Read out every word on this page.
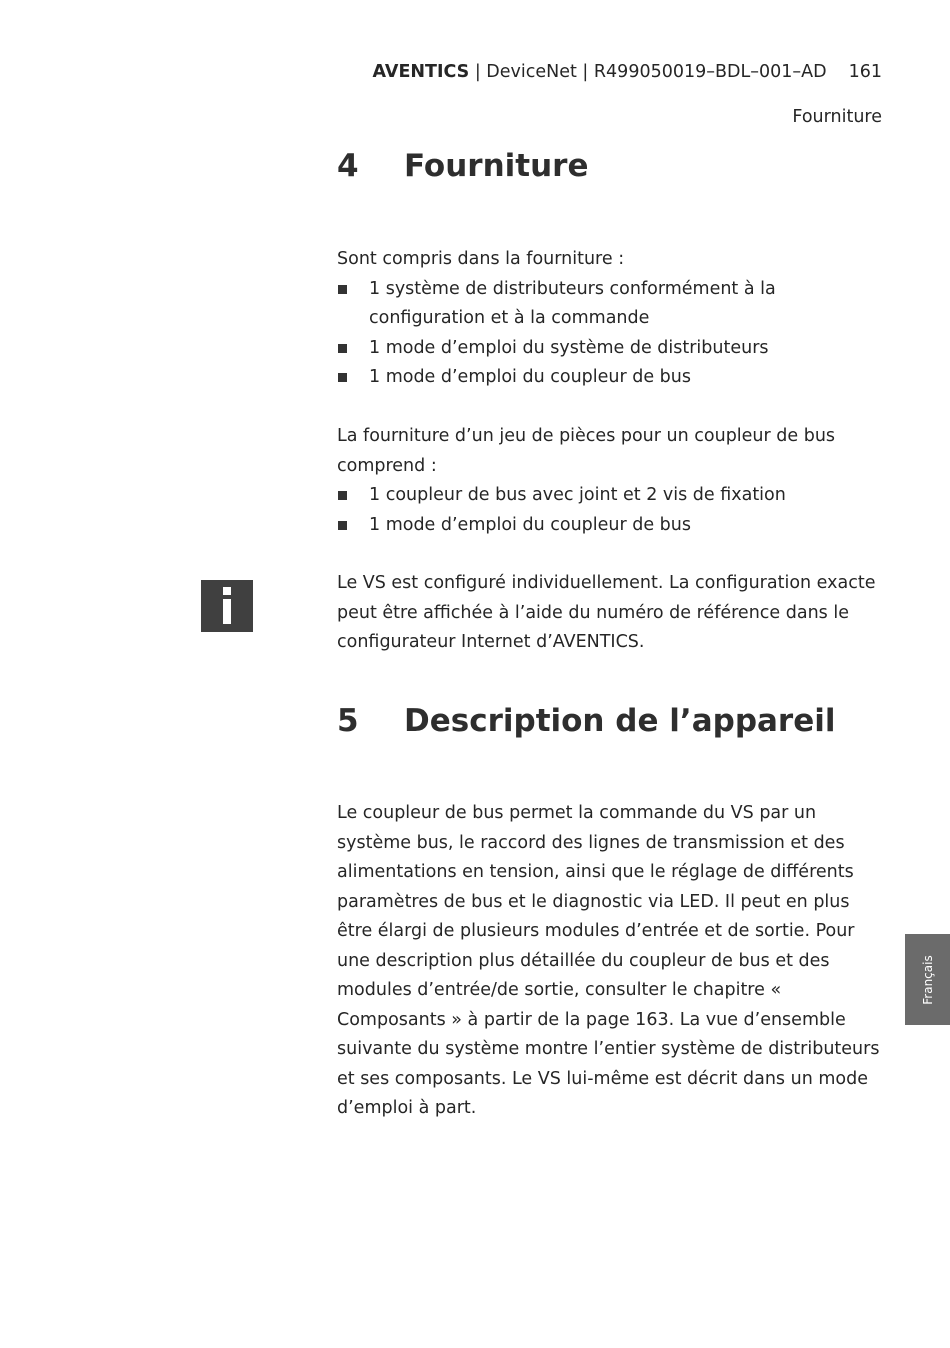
AVENTICS | DeviceNet | R499050019–BDL–001–AD 161
Fourniture
4 Fourniture
Sont compris dans la fourniture :
1 système de distributeurs conformément à la configuration et à la commande
1 mode d’emploi du système de distributeurs
1 mode d’emploi du coupleur de bus
La fourniture d’un jeu de pièces pour un coupleur de bus comprend :
1 coupleur de bus avec joint et 2 vis de fixation
1 mode d’emploi du coupleur de bus
Le VS est configuré individuellement. La configuration exacte peut être affichée à l’aide du numéro de référence dans le configurateur Internet d’AVENTICS.
5 Description de l’appareil
Le coupleur de bus permet la commande du VS par un système bus, le raccord des lignes de transmission et des alimentations en tension, ainsi que le réglage de différents paramètres de bus et le diagnostic via LED. Il peut en plus être élargi de plusieurs modules d’entrée et de sortie. Pour une description plus détaillée du coupleur de bus et des modules d’entrée/de sortie, consulter le chapitre « Composants » à partir de la page 163. La vue d’ensemble suivante du système montre l’entier système de distributeurs et ses composants. Le VS lui-même est décrit dans un mode d’emploi à part.
Français
